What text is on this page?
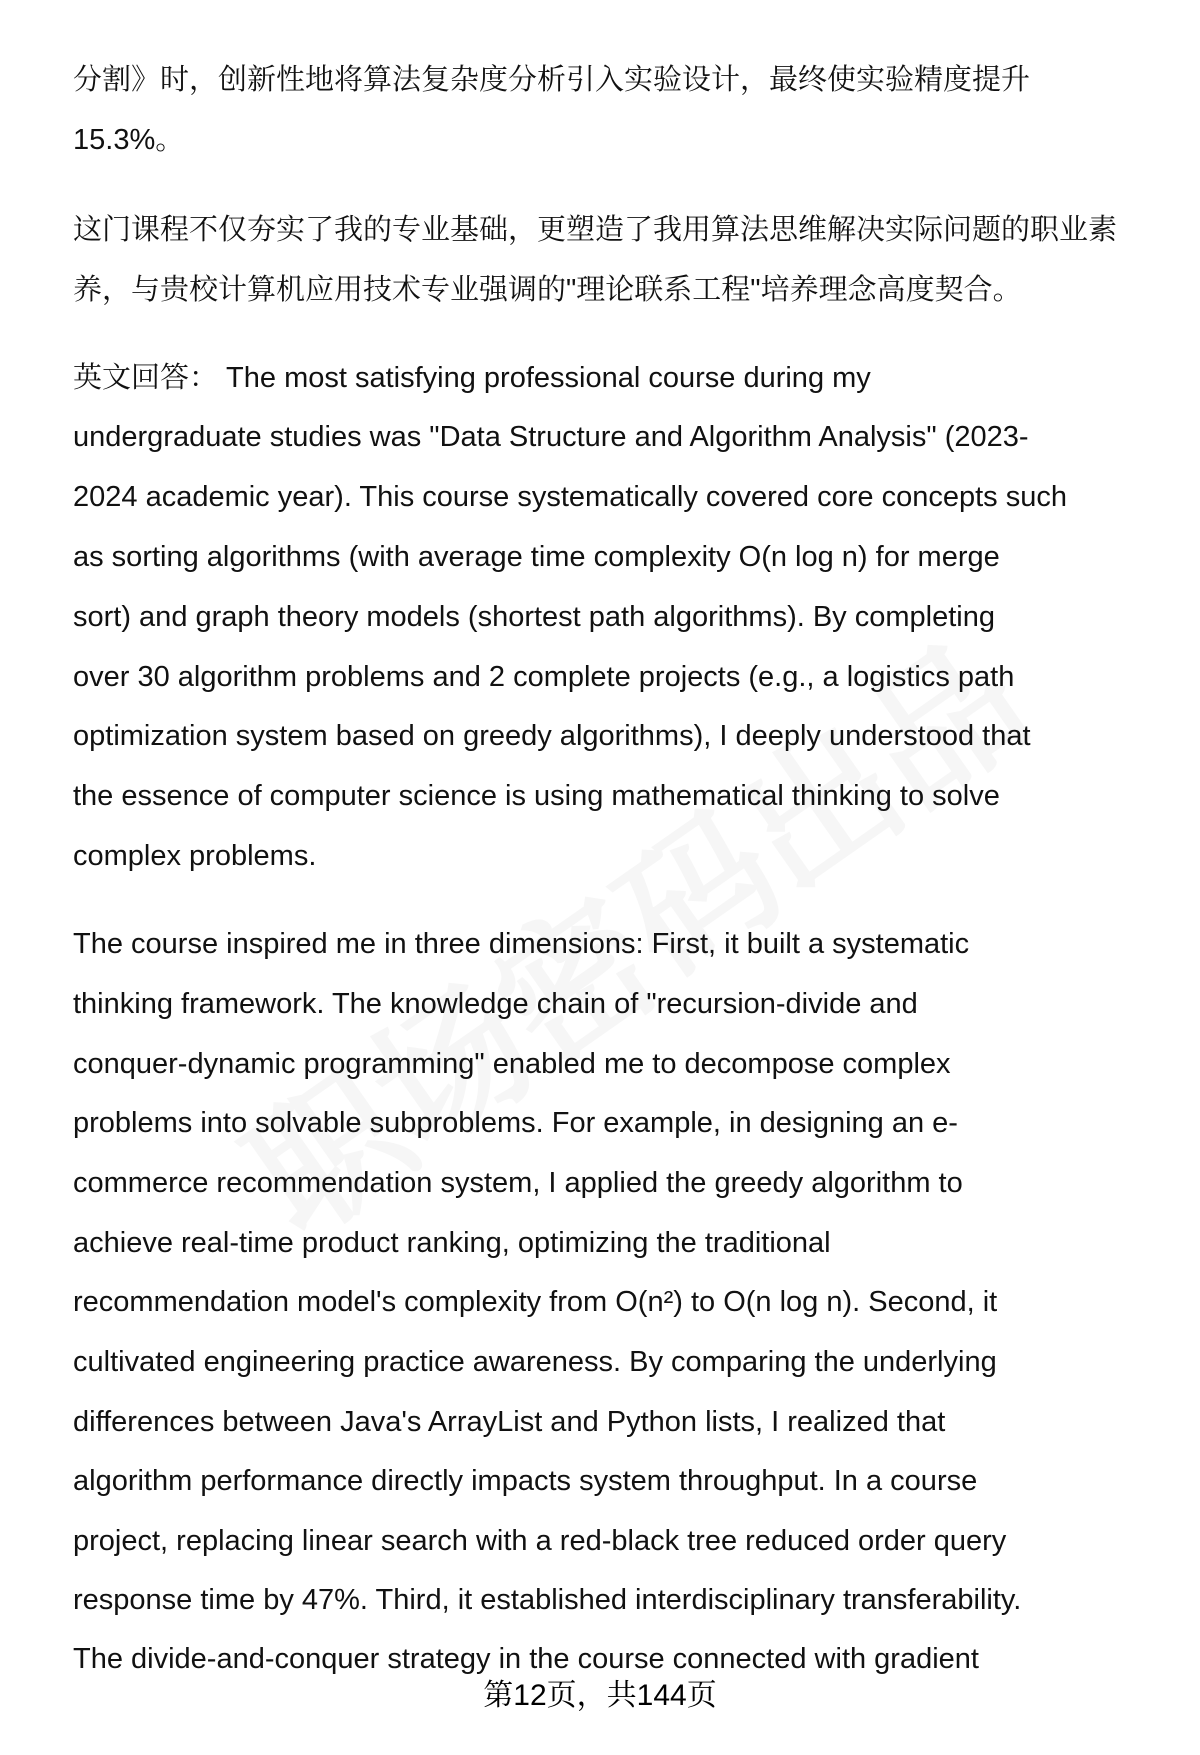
分割》时，创新性地将算法复杂度分析引入实验设计，最终使实验精度提升
15.3%。
这门课程不仅夯实了我的专业基础，更塑造了我用算法思维解决实际问题的职业素
养，与贵校计算机应用技术专业强调的"理论联系工程"培养理念高度契合。
英文回答： The most satisfying professional course during my
undergraduate studies was "Data Structure and Algorithm Analysis" (2023-
2024 academic year). This course systematically covered core concepts such
as sorting algorithms (with average time complexity O(n log n) for merge
sort) and graph theory models (shortest path algorithms). By completing
over 30 algorithm problems and 2 complete projects (e.g., a logistics path
optimization system based on greedy algorithms), I deeply understood that
the essence of computer science is using mathematical thinking to solve
complex problems.
The course inspired me in three dimensions: First, it built a systematic
thinking framework. The knowledge chain of "recursion-divide and
conquer-dynamic programming" enabled me to decompose complex
problems into solvable subproblems. For example, in designing an e-
commerce recommendation system, I applied the greedy algorithm to
achieve real-time product ranking, optimizing the traditional
recommendation model's complexity from O(n²) to O(n log n). Second, it
cultivated engineering practice awareness. By comparing the underlying
differences between Java's ArrayList and Python lists, I realized that
algorithm performance directly impacts system throughput. In a course
project, replacing linear search with a red-black tree reduced order query
response time by 47%. Third, it established interdisciplinary transferability.
The divide-and-conquer strategy in the course connected with gradient
第12页，共144页
